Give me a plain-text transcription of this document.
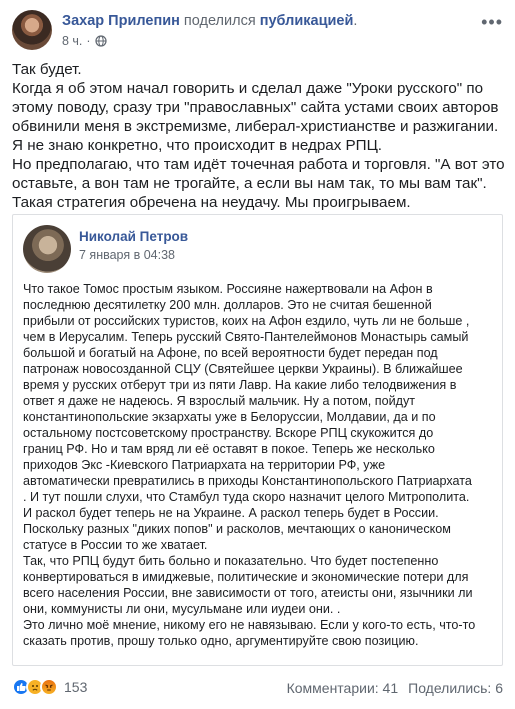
Захар Прилепин поделился публикацией.
8 ч. ·
•••

Так будет.

Когда я об этом начал говорить и сделал даже "Уроки русского" по

этому поводу, сразу три "православных" сайта устами своих авторов

обвинили меня в экстремизме, либерал-христианстве и разжигании.

Я не знаю конкретно, что происходит в недрах РПЦ.

Но предполагаю, что там идёт точечная работа и торговля. "А вот это

оставьте, а вон там не трогайте, а если вы нам так, то мы вам так".

Такая стратегия обречена на неудачу. Мы проигрываем.

Николай Петров
7 января в 04:38

Что такое Томос простым языком. Россияне нажертвовали на Афон в

последнюю десятилетку 200 млн. долларов. Это не считая бешенной

прибыли от российских туристов, коих на Афон ездило, чуть ли не больше ,

чем в Иерусалим. Теперь русский Свято-Пантелеймонов Монастырь самый

большой и богатый на Афоне, по всей вероятности будет передан под

патронаж новосозданной СЦУ (Святейшее церкви Украины). В ближайшее

время у русских отберут три из пяти Лавр. На какие либо телодвижения в

ответ я даже не надеюсь. Я взрослый мальчик. Ну а потом, пойдут

константинопольские экзархаты уже в Белоруссии, Молдавии, да и по

остальному постсоветскому пространству. Вскоре РПЦ скукожится до

границ РФ. Но и там вряд ли её оставят в покое. Теперь же несколько

приходов Экс -Киевского Патриархата на территории РФ, уже

автоматически превратились в приходы Константинопольского Патриархата

. И тут пошли слухи, что Стамбул туда скоро назначит целого Митрополита.

И раскол будет теперь не на Украине. А раскол теперь будет в России.

Поскольку разных "диких попов" и расколов, мечтающих о каноническом

статусе в России то же хватает.

Так, что РПЦ будут бить больно и показательно. Что будет постепенно

конвертироваться в имиджевые, политические и экономические потери для

всего населения России, вне зависимости от того, атеисты они, язычники ли

они, коммунисты ли они, мусульмане или иудеи они. .

Это лично моё мнение, никому его не навязываю. Если у кого-то есть, что-то

сказать против, прошу только одно, аргументируйте свою позицию.

153	Комментарии: 41 Поделились: 6
